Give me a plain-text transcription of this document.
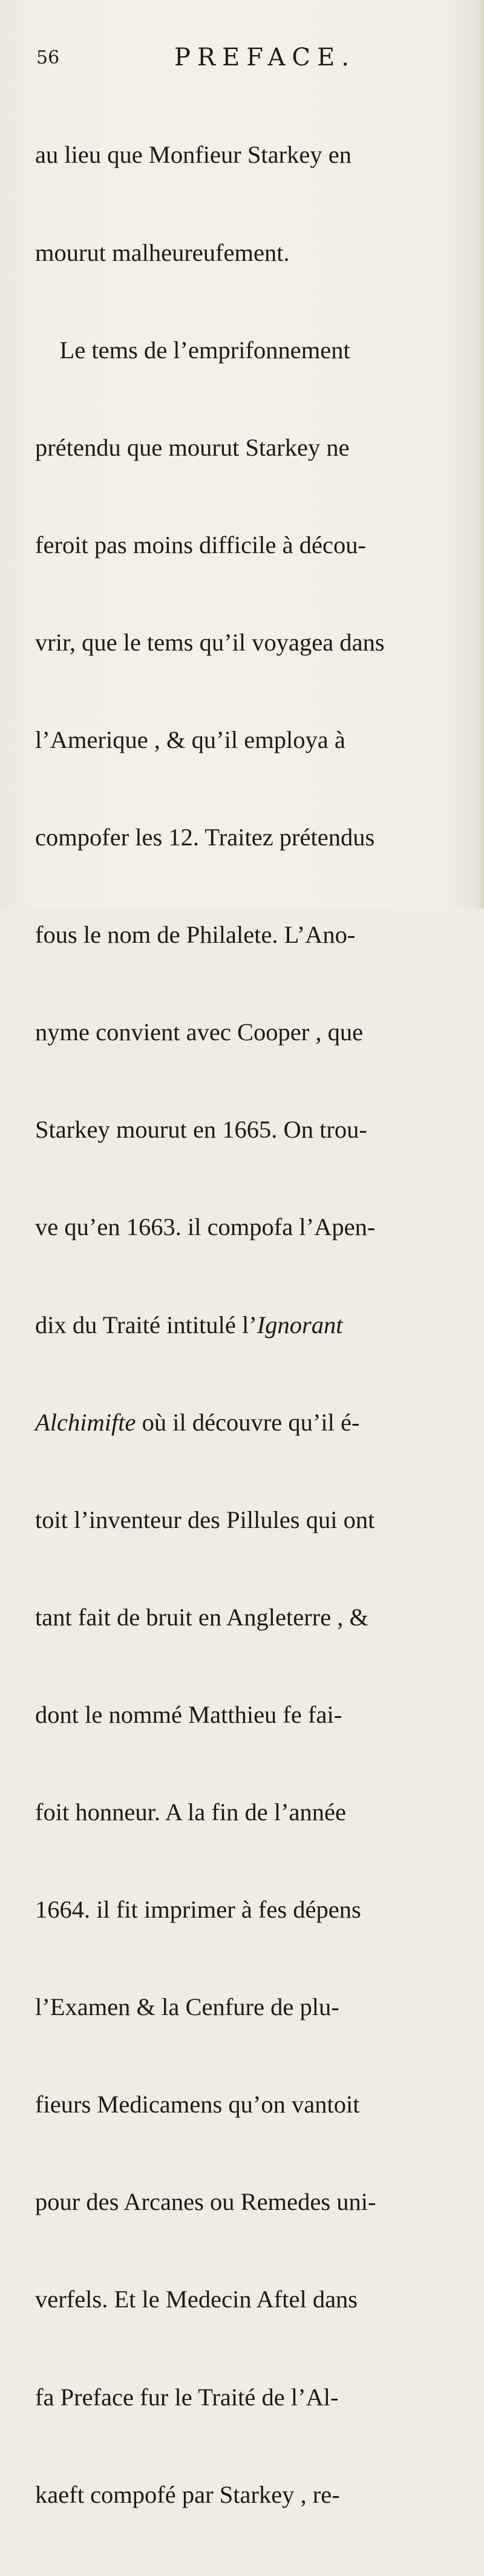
56	PREFACE.

au lieu que Monfieur Starkey en

mourut malheureufement.

Le tems de l’emprifonnement

prétendu que mourut Starkey ne

feroit pas moins difficile à décou-

vrir, que le tems qu’il voyagea dans

l’Amerique , & qu’il employa à

compofer les 12. Traitez prétendus

fous le nom de Philalete. L’Ano-

nyme convient avec Cooper , que

Starkey mourut en 1665. On trou-

ve qu’en 1663. il compofa l’Apen-

dix du Traité intitulé l’Ignorant

Alchimifte où il découvre qu’il é-

toit l’inventeur des Pillules qui ont

tant fait de bruit en Angleterre , &

dont le nommé Matthieu fe fai-

foit honneur. A la fin de l’année

1664. il fit imprimer à fes dépens

l’Examen & la Cenfure de plu-

fieurs Medicamens qu’on vantoit

pour des Arcanes ou Remedes uni-

verfels. Et le Medecin Aftel dans

fa Preface fur le Traité de l’Al-

kaeft compofé par Starkey , re-
